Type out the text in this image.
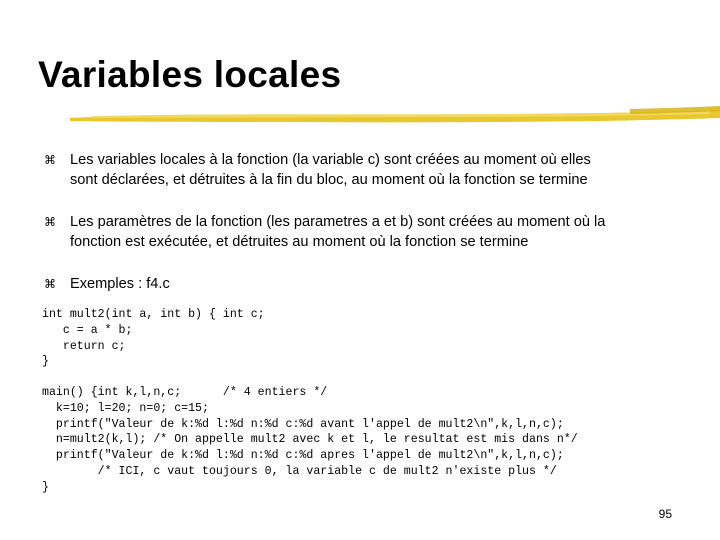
Variables locales
⌘ Les variables locales à la fonction (la variable c) sont créées au moment où elles
sont déclarées, et détruites à la fin du bloc, au moment où la fonction se termine

⌘ Les paramètres de la fonction (les parametres a et b) sont créées au moment où la
fonction est exécutée, et détruites au moment où la fonction se termine

⌘ Exemples : f4.c

int mult2(int a, int b) { int c;
c = a * b;
return c;
}
main() {int k,l,n,c;      /* 4 entiers */
k=10; l=20; n=0; c=15;
printf("Valeur de k:%d l:%d n:%d c:%d avant l'appel de mult2\n",k,l,n,c);
n=mult2(k,l); /* On appelle mult2 avec k et l, le resultat est mis dans n*/
printf("Valeur de k:%d l:%d n:%d c:%d apres l'appel de mult2\n",k,l,n,c);
/* ICI, c vaut toujours 0, la variable c de mult2 n'existe plus */
}
95
